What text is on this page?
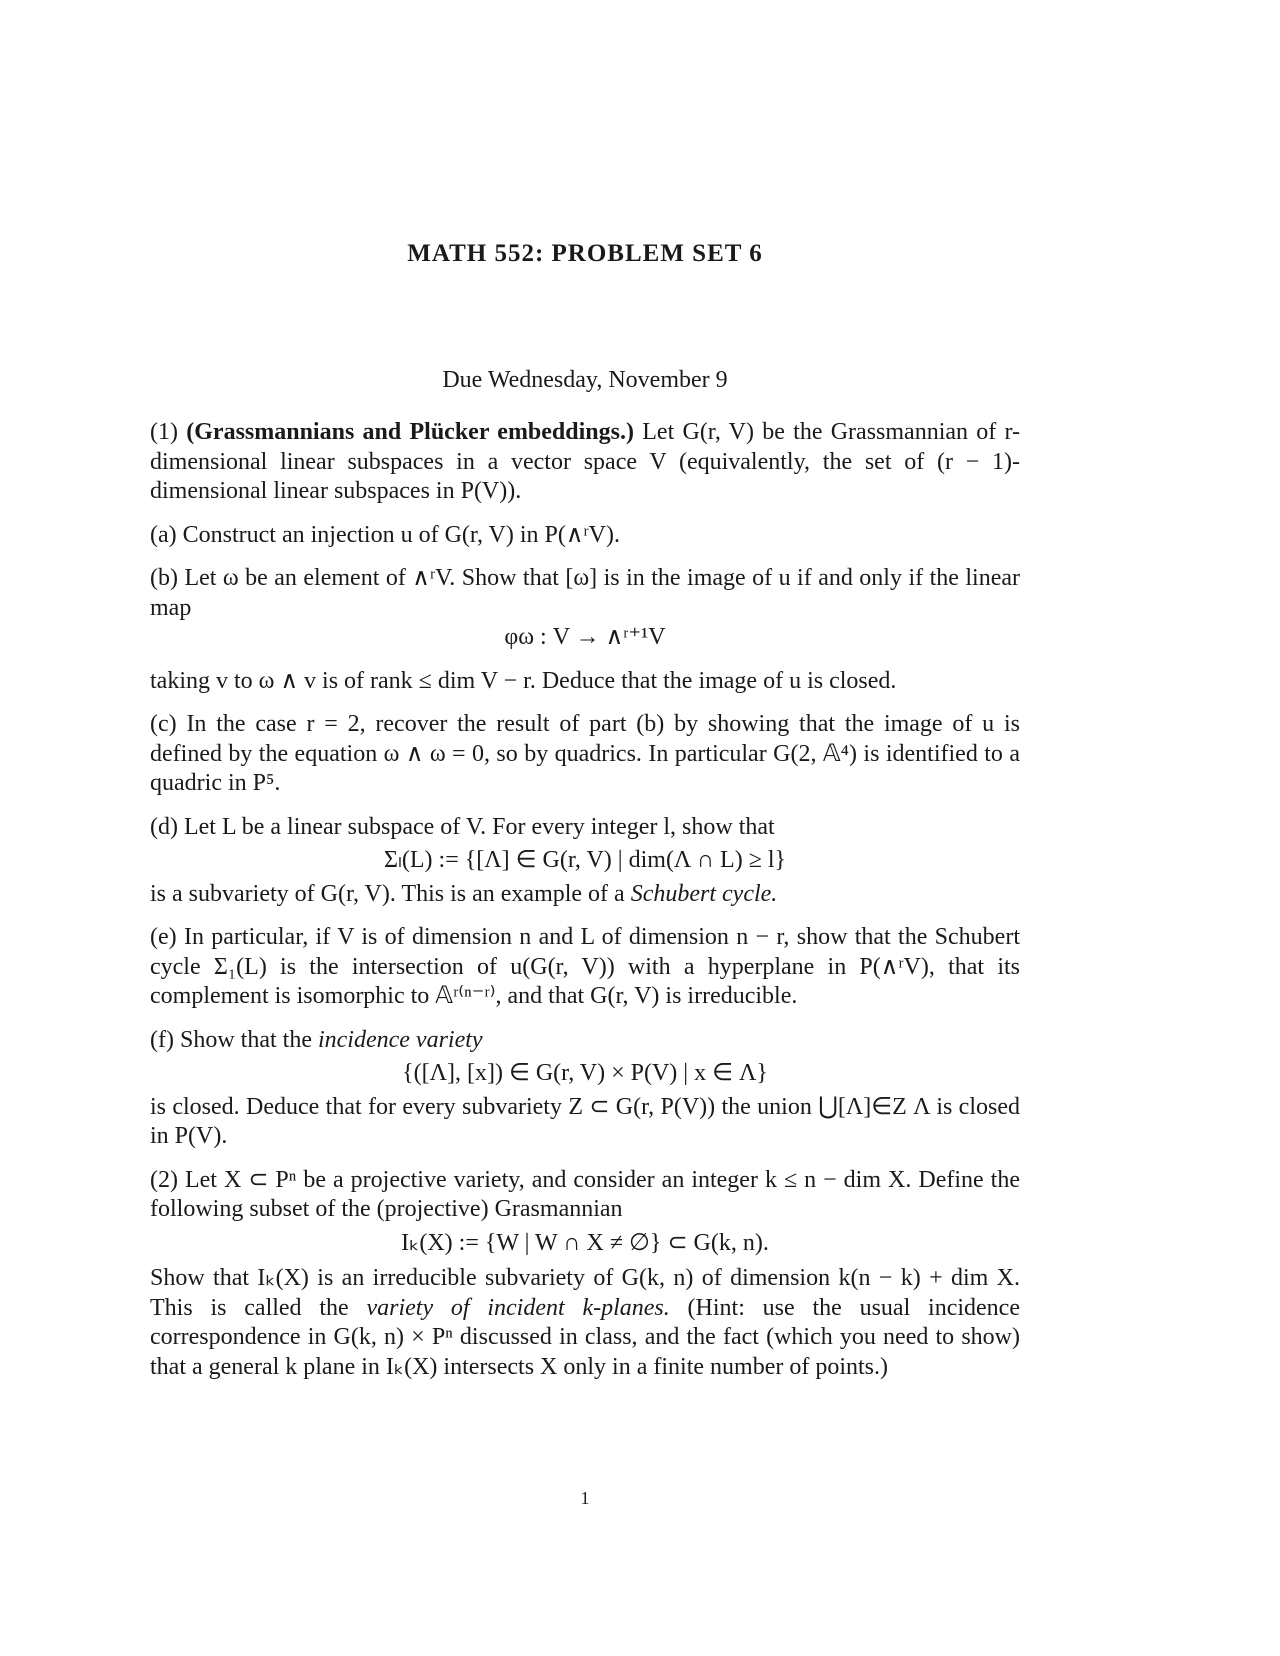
MATH 552: PROBLEM SET 6
Due Wednesday, November 9

(1) (Grassmannians and Plücker embeddings.) Let G(r, V) be the Grassmannian of r-dimensional linear subspaces in a vector space V (equivalently, the set of (r − 1)-dimensional linear subspaces in P(V)).

(a) Construct an injection u of G(r, V) in P(∧ʳV).

(b) Let ω be an element of ∧ʳV. Show that [ω] is in the image of u if and only if the linear map

φω : V → ∧ʳ⁺¹V

taking v to ω ∧ v is of rank ≤ dim V − r. Deduce that the image of u is closed.

(c) In the case r = 2, recover the result of part (b) by showing that the image of u is defined by the equation ω ∧ ω = 0, so by quadrics. In particular G(2, 𝔸⁴) is identified to a quadric in P⁵.

(d) Let L be a linear subspace of V. For every integer l, show that

Σₗ(L) := {[Λ] ∈ G(r, V) | dim(Λ ∩ L) ≥ l}

is a subvariety of G(r, V). This is an example of a Schubert cycle.

(e) In particular, if V is of dimension n and L of dimension n − r, show that the Schubert cycle Σ₁(L) is the intersection of u(G(r, V)) with a hyperplane in P(∧ʳV), that its complement is isomorphic to 𝔸ʳ⁽ⁿ⁻ʳ⁾, and that G(r, V) is irreducible.

(f) Show that the incidence variety

{([Λ], [x]) ∈ G(r, V) × P(V) | x ∈ Λ}

is closed. Deduce that for every subvariety Z ⊂ G(r, P(V)) the union ⋃[Λ]∈Z Λ is closed in P(V).

(2) Let X ⊂ Pⁿ be a projective variety, and consider an integer k ≤ n − dim X. Define the following subset of the (projective) Grasmannian

Iₖ(X) := {W | W ∩ X ≠ ∅} ⊂ G(k, n).

Show that Iₖ(X) is an irreducible subvariety of G(k, n) of dimension k(n − k) + dim X. This is called the variety of incident k-planes. (Hint: use the usual incidence correspondence in G(k, n) × Pⁿ discussed in class, and the fact (which you need to show) that a general k plane in Iₖ(X) intersects X only in a finite number of points.)

1
